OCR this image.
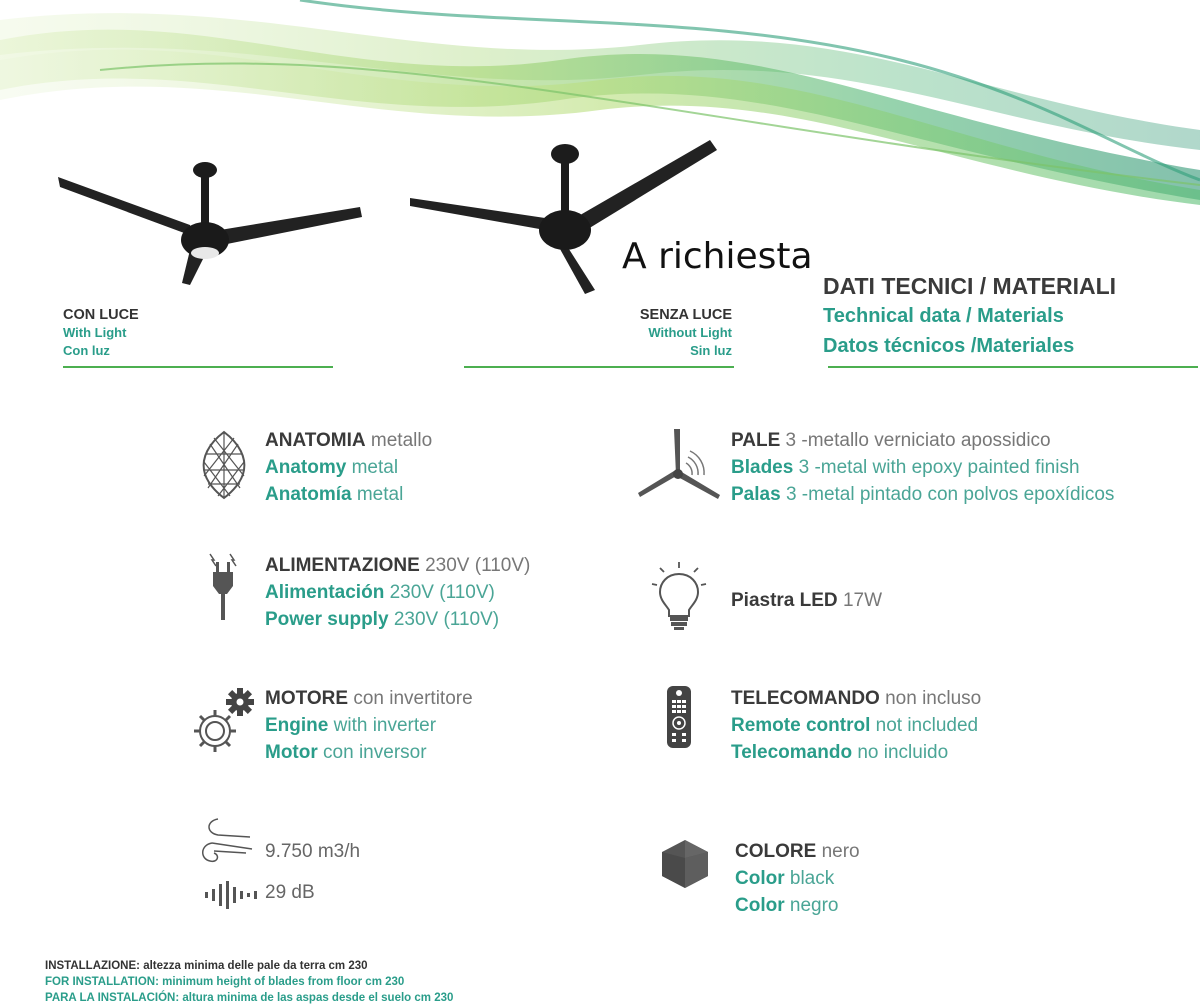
A richiesta
CON LUCE
With Light
Con luz
SENZA LUCE
Without Light
Sin luz
DATI TECNICI / MATERIALI
Technical data / Materials
Datos técnicos /Materiales
ANATOMIA metallo
Anatomy metal
Anatomía metal
PALE 3 -metallo verniciato apossidico
Blades 3 -metal with epoxy painted finish
Palas 3 -metal pintado con polvos epoxídicos
ALIMENTAZIONE 230V (110V)
Alimentación 230V (110V)
Power supply 230V (110V)
Piastra LED 17W
MOTORE con invertitore
Engine with inverter
Motor con inversor
TELECOMANDO non incluso
Remote control not included
Telecomando no incluido
9.750 m3/h
29 dB
COLORE nero
Color black
Color negro
INSTALLAZIONE: altezza minima delle pale da terra cm 230
FOR INSTALLATION: minimum height of blades from floor cm 230
PARA LA INSTALACIÓN: altura minima de las aspas desde el suelo cm 230
